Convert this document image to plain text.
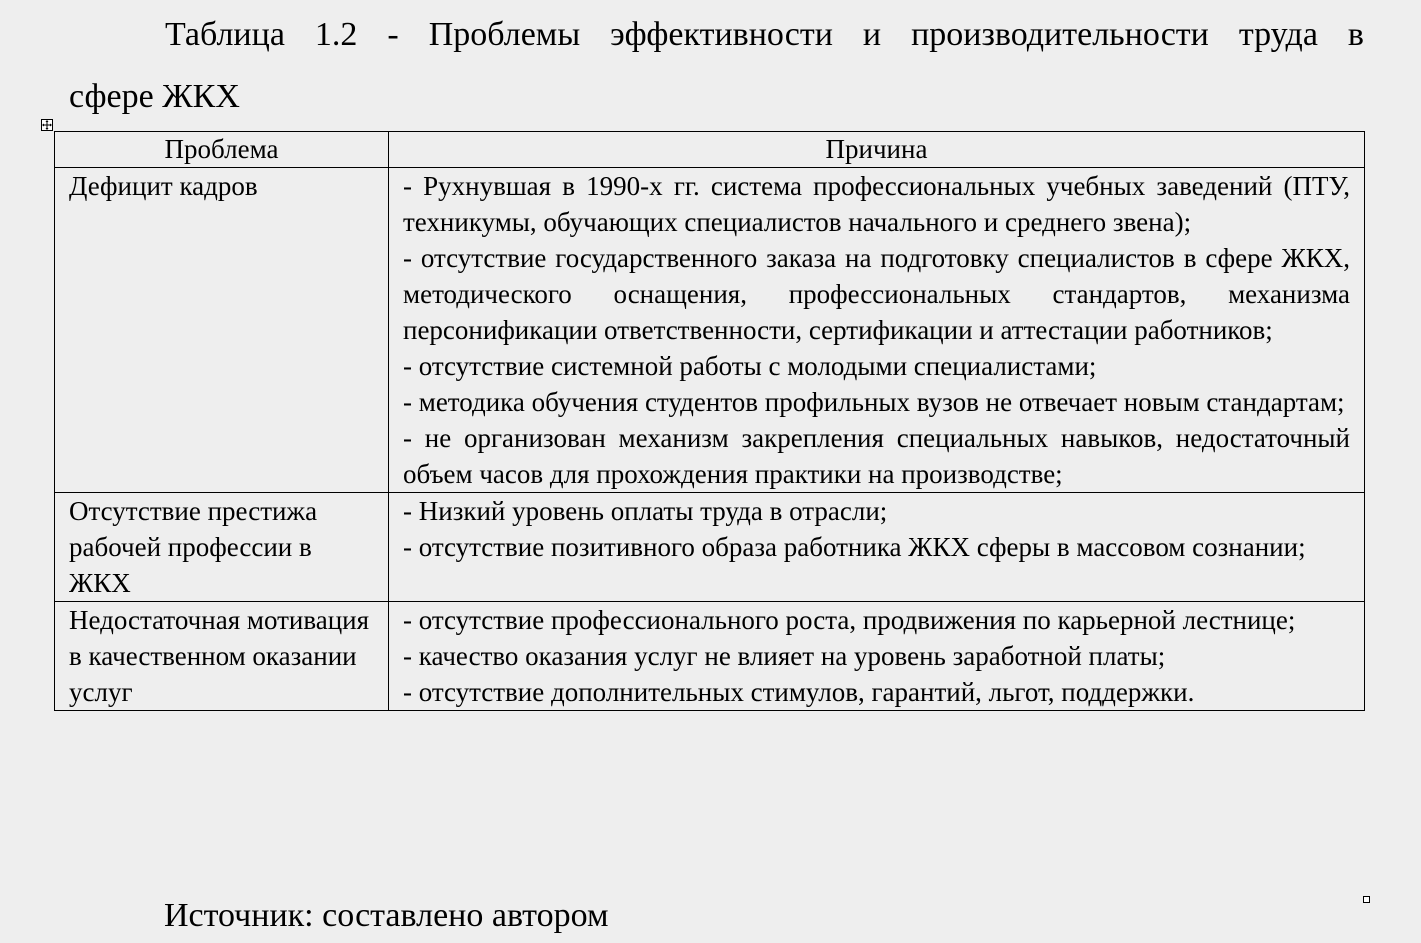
Таблица 1.2 - Проблемы эффективности и производительности труда в
сфере ЖКХ
Проблема	Причина
Дефицит кадров	- Рухнувшая в 1990-х гг. система профессиональных учебных заведений (ПТУ, техникумы, обучающих специалистов начального и среднего звена);
- отсутствие государственного заказа на подготовку специалистов в сфере ЖКХ, методического оснащения, профессиональных стандартов, механизма персонификации ответственности, сертификации и аттестации работников;
- отсутствие системной работы с молодыми специалистами;
- методика обучения студентов профильных вузов не отвечает новым стандартам;
- не организован механизм закрепления специальных навыков, недостаточный объем часов для прохождения практики на производстве;

Отсутствие престижа рабочей профессии в ЖКХ	- Низкий уровень оплаты труда в отрасли;
- отсутствие позитивного образа работника ЖКХ сферы в массовом сознании;

Недостаточная мотивация в качественном оказании услуг	- отсутствие профессионального роста, продвижения по карьерной лестнице;
- качество оказания услуг не влияет на уровень заработной платы;
- отсутствие дополнительных стимулов, гарантий, льгот, поддержки.
Источник: составлено автором
